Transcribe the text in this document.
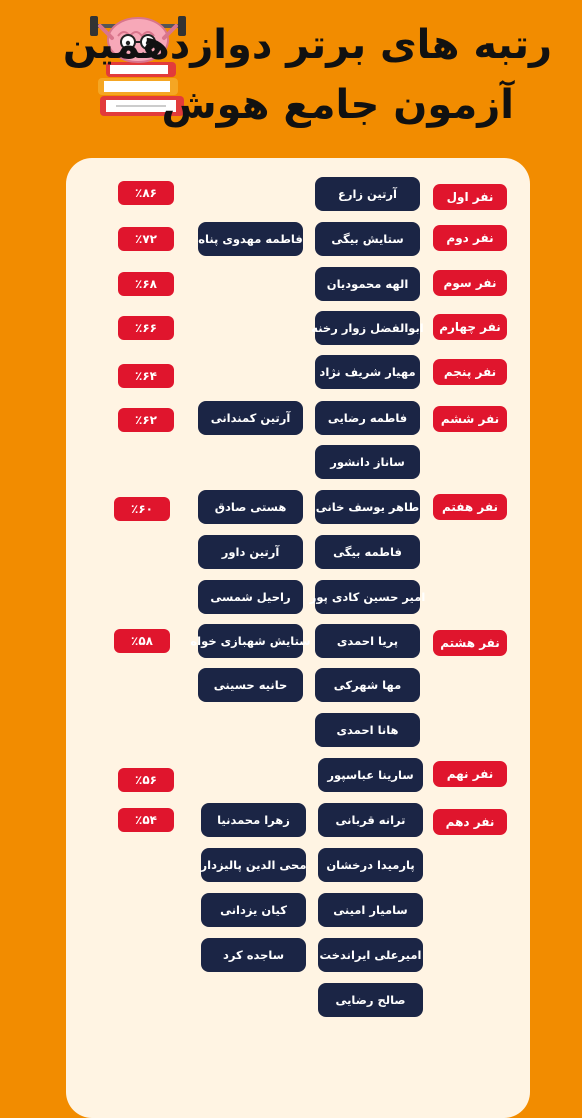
رتبه های برتر دوازدهمین
آزمون جامع هوش
نفر اول
نفر دوم
نفر سوم
نفر چهارم
نفر پنجم
نفر ششم
نفر هفتم
نفر هشتم
نفر نهم
نفر دهم
٪۸۶
٪۷۲
٪۶۸
٪۶۶
٪۶۴
٪۶۲
٪۶۰
٪۵۸
٪۵۶
٪۵۴
آرتین زارع
ستایش بیگی
فاطمه مهدوی پناه
الهه محمودیان
ابوالفضل زوار رخنه
مهیار شریف نژاد
فاطمه رضایی
آرتین کمندانی
ساناز دانشور
طاهر یوسف خانی
هستی صادق
فاطمه بیگی
آرتین داور
امیر حسین کادی پور
راحیل شمسی
پریا احمدی
ستایش شهبازی خواه
مها شهرکی
حانیه حسینی
هانا احمدی
سارینا عباسپور
ترانه قربانی
زهرا محمدنیا
پارمیدا درخشان
محی الدین پالیزدار
سامیار امینی
کیان یزدانی
امیرعلی ایراندخت
ساجده کرد
صالح رضایی
